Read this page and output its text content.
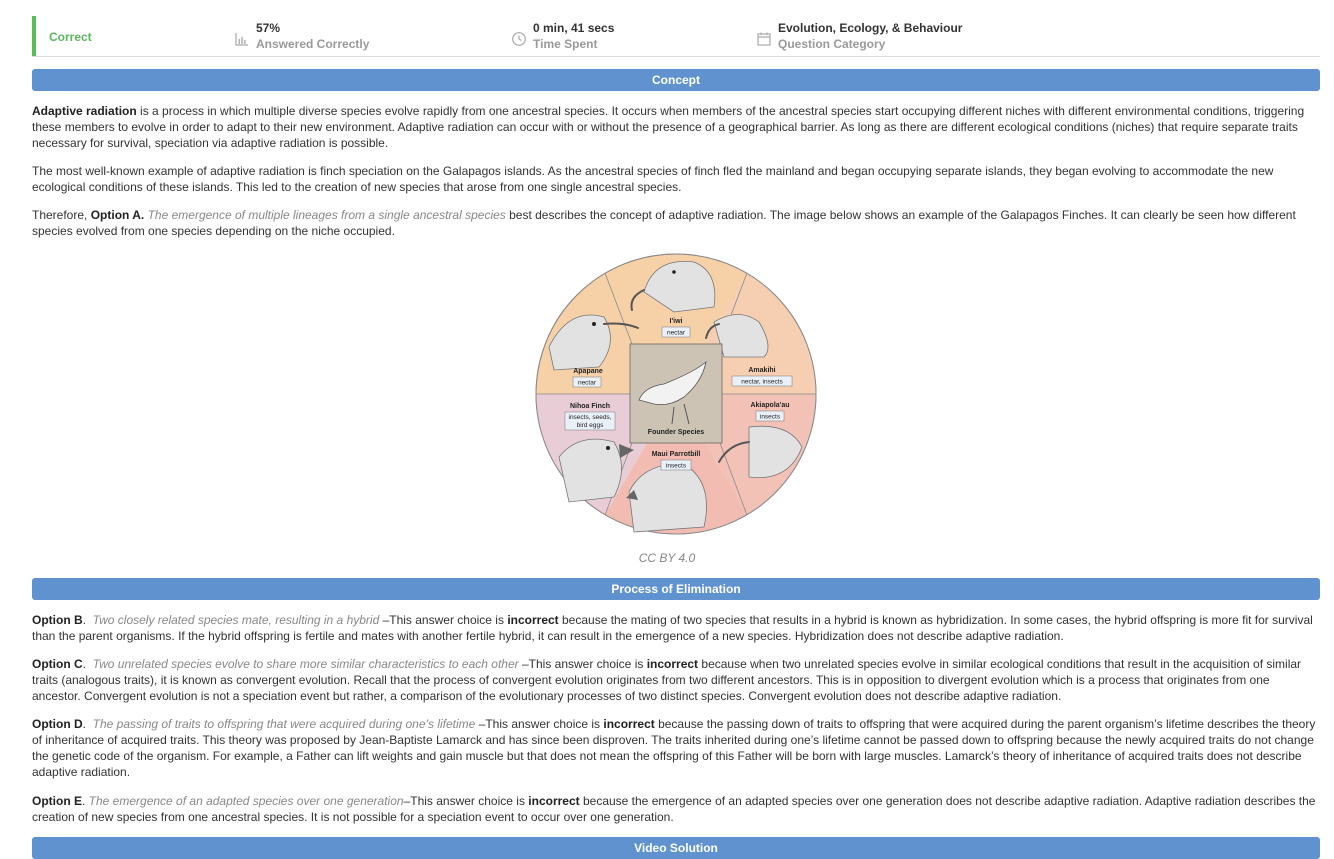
Correct
57%
Answered Correctly
0 min, 41 secs
Time Spent
Evolution, Ecology, & Behaviour
Question Category
Concept

Adaptive radiation is a process in which multiple diverse species evolve rapidly from one ancestral species. It occurs when members of the ancestral species start occupying different niches with different environmental conditions, triggering these members to evolve in order to adapt to their new environment. Adaptive radiation can occur with or without the presence of a geographical barrier. As long as there are different ecological conditions (niches) that require separate traits necessary for survival, speciation via adaptive radiation is possible.

The most well-known example of adaptive radiation is finch speciation on the Galapagos islands. As the ancestral species of finch fled the mainland and began occupying separate islands, they began evolving to accommodate the new ecological conditions of these islands. This led to the creation of new species that arose from one single ancestral species.

Therefore, Option A. The emergence of multiple lineages from a single ancestral species best describes the concept of adaptive radiation. The image below shows an example of the Galapagos Finches. It can clearly be seen how different species evolved from one species depending on the niche occupied.

Founder Species
I'iwi
nectar
Amakihi
nectar, insects
Akiapola'au
insects
Maui Parrotbill
insects
Nihoa Finch
insects, seeds,
bird eggs
Apapane
nectar
CC BY 4.0
Process of Elimination

Option B.  Two closely related species mate, resulting in a hybrid –This answer choice is incorrect because the mating of two species that results in a hybrid is known as hybridization. In some cases, the hybrid offspring is more fit for survival than the parent organisms. If the hybrid offspring is fertile and mates with another fertile hybrid, it can result in the emergence of a new species. Hybridization does not describe adaptive radiation.

Option C.  Two unrelated species evolve to share more similar characteristics to each other –This answer choice is incorrect because when two unrelated species evolve in similar ecological conditions that result in the acquisition of similar traits (analogous traits), it is known as convergent evolution. Recall that the process of convergent evolution originates from two different ancestors. This is in opposition to divergent evolution which is a process that originates from one ancestor. Convergent evolution is not a speciation event but rather, a comparison of the evolutionary processes of two distinct species. Convergent evolution does not describe adaptive radiation.

Option D.  The passing of traits to offspring that were acquired during one’s lifetime –This answer choice is incorrect because the passing down of traits to offspring that were acquired during the parent organism’s lifetime describes the theory of inheritance of acquired traits. This theory was proposed by Jean-Baptiste Lamarck and has since been disproven. The traits inherited during one’s lifetime cannot be passed down to offspring because the newly acquired traits do not change the genetic code of the organism. For example, a Father can lift weights and gain muscle but that does not mean the offspring of this Father will be born with large muscles. Lamarck’s theory of inheritance of acquired traits does not describe adaptive radiation.

Option E. The emergence of an adapted species over one generation–This answer choice is incorrect because the emergence of an adapted species over one generation does not describe adaptive radiation. Adaptive radiation describes the creation of new species from one ancestral species. It is not possible for a speciation event to occur over one generation.

Video Solution
